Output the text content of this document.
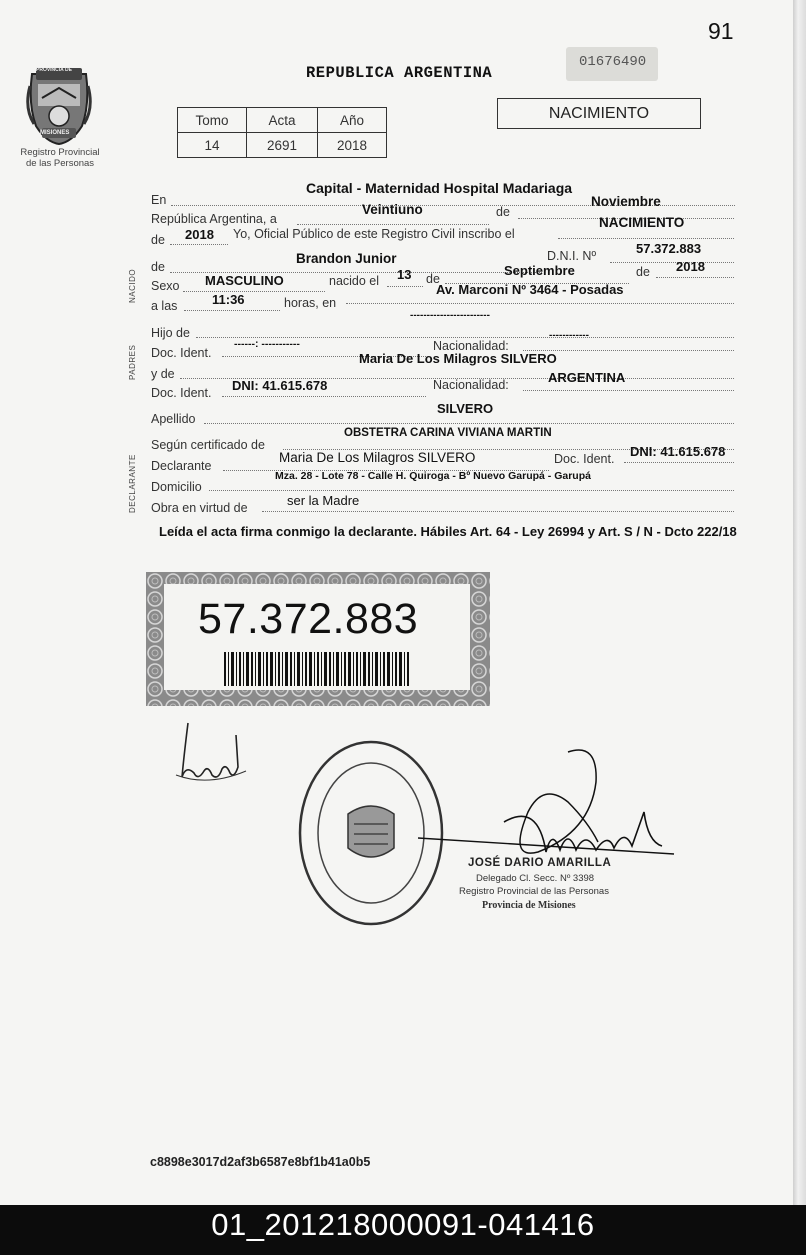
91
PROVINCIA DE
MISIONES
Registro Provincial de las Personas
REPUBLICA ARGENTINA
01676490
Tomo	Acta	Año
14	2691	2018
NACIMIENTO
En
Capital - Maternidad Hospital Madariaga
República Argentina, a
Veintiuno	de
Noviembre
de 2018 Yo, Oficial Público de este Registro Civil inscribo el
NACIMIENTO
de
Brandon Junior	D.N.I. Nº	57.372.883
Sexo MASCULINO	nacido el 13 de
Septiembre	de 2018
a las	11:36	horas, en
Av. Marconi Nº 3464 - Posadas
NACIDO
Hijo de
------------------------
Doc. Ident.
------: -----------	Nacionalidad:
------------
y de
Maria De Los Milagros SILVERO
Doc. Ident. DNI: 41.615.678	Nacionalidad:	ARGENTINA
PADRES
Apellido
SILVERO
Según certificado de
OBSTETRA CARINA VIVIANA MARTIN
Declarante
Maria De Los Milagros SILVERO	Doc. Ident. DNI: 41.615.678
Domicilio
Mza. 28 - Lote 78 - Calle H. Quiroga - Bº Nuevo Garupá - Garupá
Obra en virtud de	ser la Madre
DECLARANTE
Leída el acta firma conmigo la declarante. Hábiles Art. 64 - Ley 26994 y Art. S / N - Dcto 222/18
57.372.883
JOSÉ DARIO AMARILLA
Delegado Cl. Secc. Nº 3398
Registro Provincial de las Personas
Provincia de Misiones
c8898e3017d2af3b6587e8bf1b41a0b5
01_201218000091-041416
